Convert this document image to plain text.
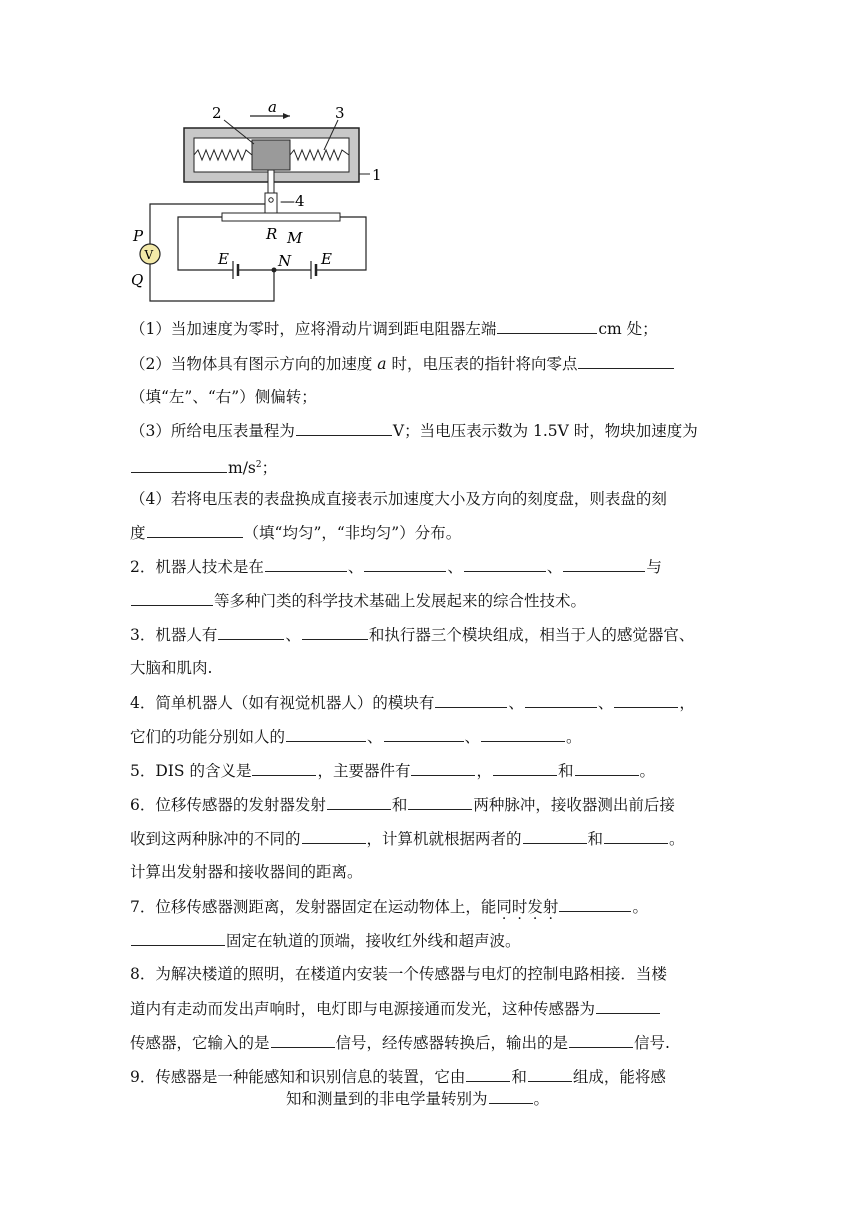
a
2	3
1
—4
R M
E	E
N
V
P
Q
（1）当加速度为零时，应将滑动片调到距电阻器左端	cm 处；
（2）当物体具有图示方向的加速度 a 时，电压表的指针将向零点
（填“左”、“右”）侧偏转；
（3）所给电压表量程为	V；当电压表示数为 1.5V 时，物块加速度为
$m/s^2$；
（4）若将电压表的表盘换成直接表示加速度大小及方向的刻度盘，则表盘的刻
度	（填“均匀”，“非均匀”）分布。
2．机器人技术是在	、	、	、	与
等多种门类的科学技术基础上发展起来的综合性技术。
3．机器人有	、	和执行器三个模块组成，相当于人的感觉器官、
大脑和肌肉.
4．简单机器人（如有视觉机器人）的模块有	、	、	，
它们的功能分别如人的	、	、	。
5．DIS 的含义是	，主要器件有	，	和	。
6．位移传感器的发射器发射	和	两种脉冲，接收器测出前后接
收到这两种脉冲的不同的	，计算机就根据两者的	和	。
计算出发射器和接收器间的距离。
7．位移传感器测距离，发射器固定在运动物体上，能同时发射	。
固定在轨道的顶端，接收红外线和超声波。
8．为解决楼道的照明，在楼道内安装一个传感器与电灯的控制电路相接．当楼
道内有走动而发出声响时，电灯即与电源接通而发光，这种传感器为
传感器，它输入的是	信号，经传感器转换后，输出的是	信号.
9．传感器是一种能感知和识别信息的装置，它由	和	组成，能将感
知和测量到的非电学量转别为	。
